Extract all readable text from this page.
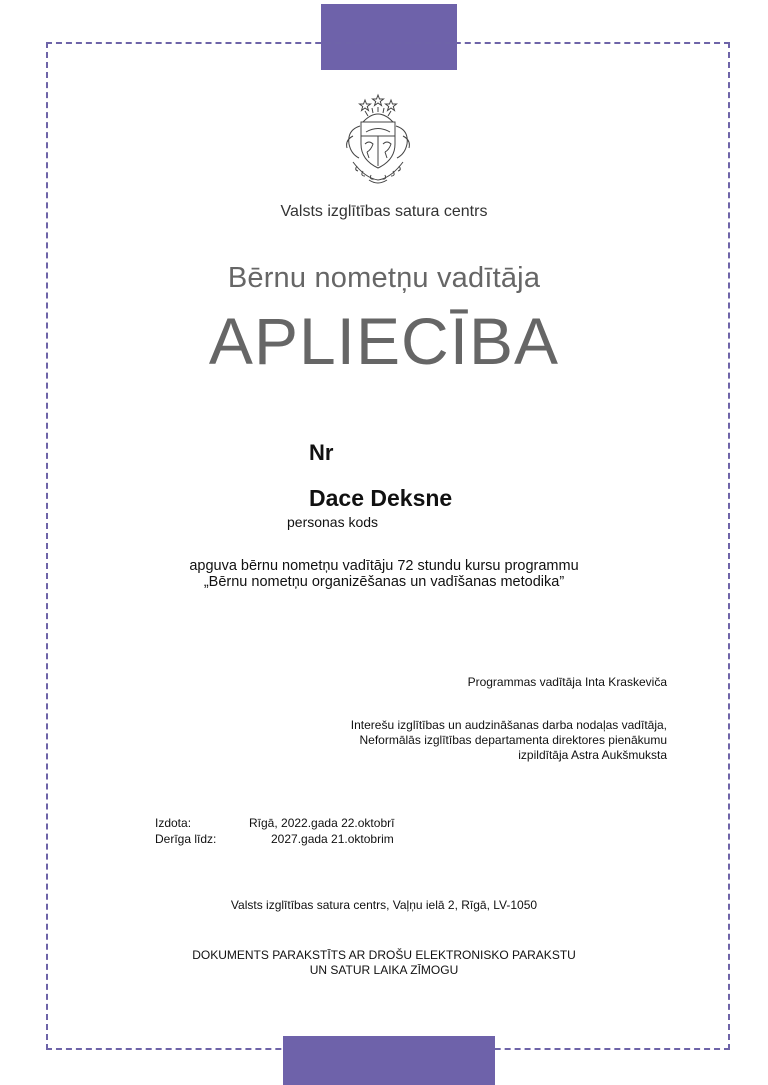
Valsts izglītības satura centrs
Bērnu nometņu vadītāja
APLIECĪBA
Nr
Dace Deksne
personas kods
apguva bērnu nometņu vadītāju 72 stundu kursu programmu
„Bērnu nometņu organizēšanas un vadīšanas metodika”
Programmas vadītāja Inta Kraskeviča
Interešu izglītības un audzināšanas darba nodaļas vadītāja,
Neformālās izglītības departamenta direktores pienākumu
izpildītāja Astra Aukšmuksta
Izdota:	Rīgā, 2022.gada 22.oktobrī
Derīga līdz:	2027.gada 21.oktobrim
Valsts izglītības satura centrs, Vaļņu ielā 2, Rīgā, LV-1050
DOKUMENTS PARAKSTĪTS AR DROŠU ELEKTRONISKO PARAKSTU
UN SATUR LAIKA ZĪMOGU
